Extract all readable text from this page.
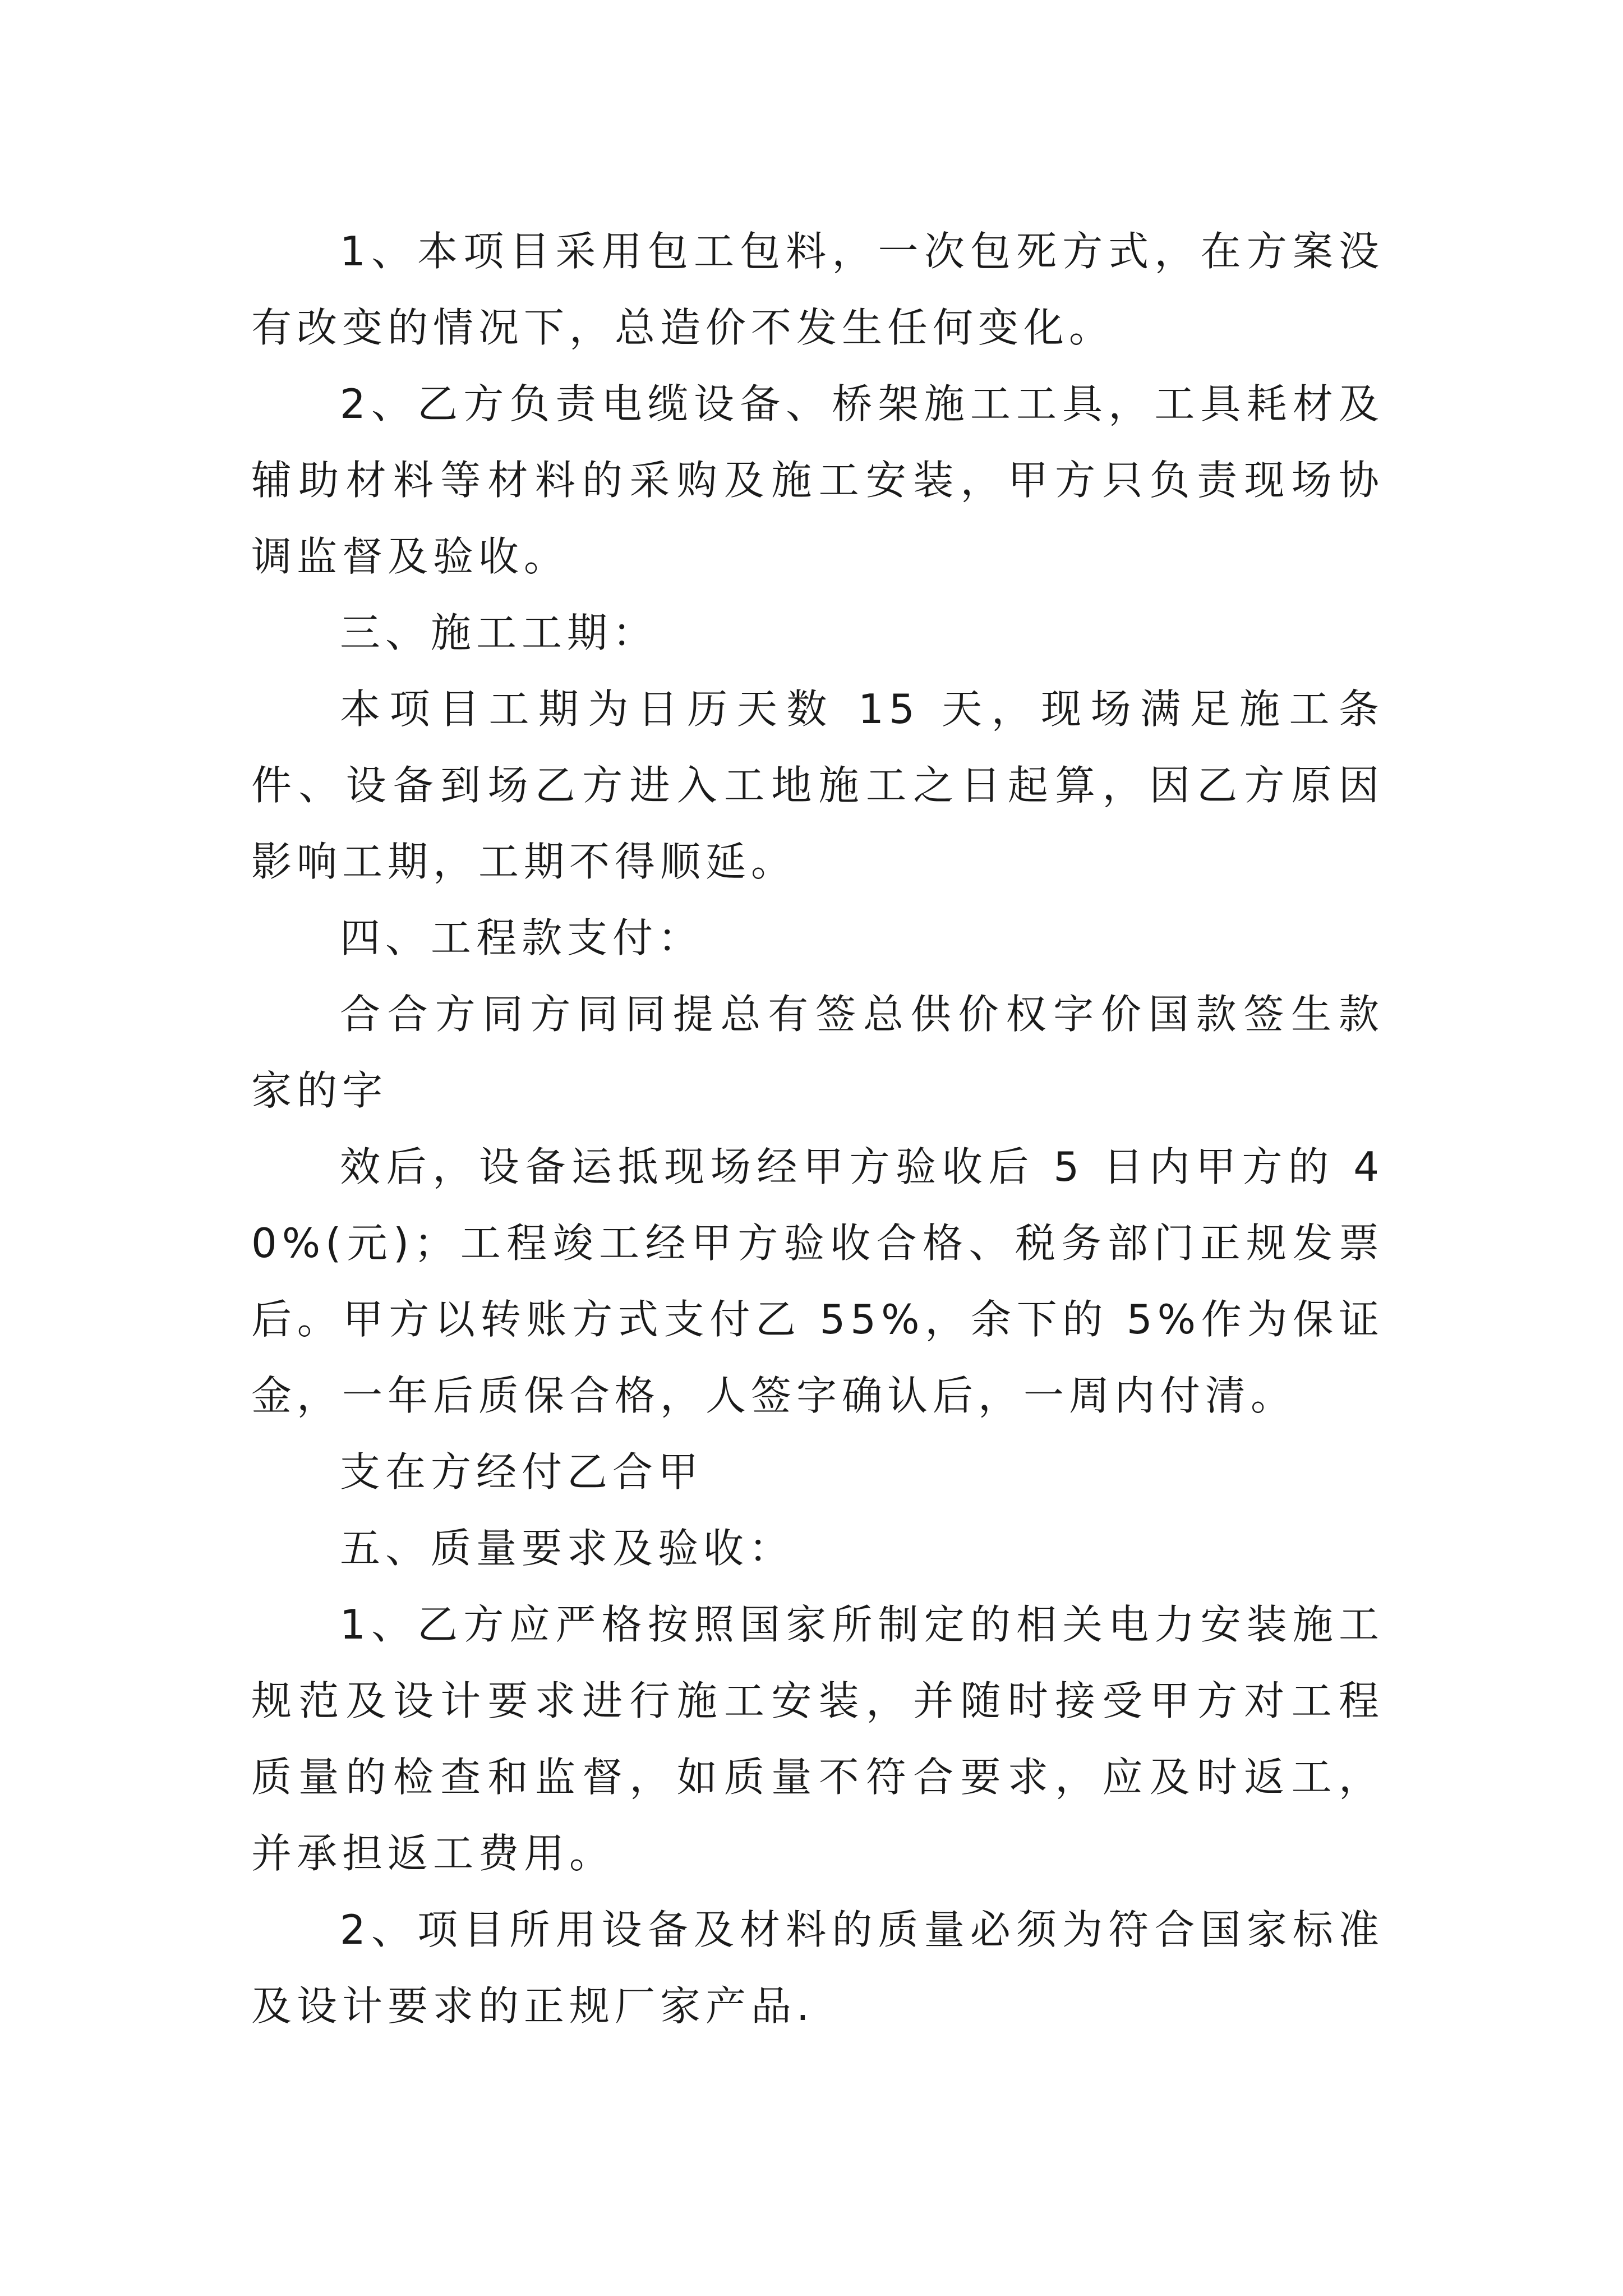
1、本项目采用包工包料，一次包死方式，在方案没有改变的情况下，总造价不发生任何变化。

2、乙方负责电缆设备、桥架施工工具，工具耗材及辅助材料等材料的采购及施工安装，甲方只负责现场协调监督及验收。

三、施工工期：

本项目工期为日历天数 15 天，现场满足施工条件、设备到场乙方进入工地施工之日起算，因乙方原因影响工期，工期不得顺延。

四、工程款支付：

合合方同方同同提总有签总供价权字价国款签生款家的字

效后，设备运抵现场经甲方验收后 5 日内甲方的 40%(元)；工程竣工经甲方验收合格、税务部门正规发票后。甲方以转账方式支付乙 55%，余下的 5%作为保证金，一年后质保合格，人签字确认后，一周内付清。

支在方经付乙合甲

五、质量要求及验收：

1、乙方应严格按照国家所制定的相关电力安装施工规范及设计要求进行施工安装，并随时接受甲方对工程质量的检查和监督，如质量不符合要求，应及时返工，并承担返工费用。

2、项目所用设备及材料的质量必须为符合国家标准及设计要求的正规厂家产品.
